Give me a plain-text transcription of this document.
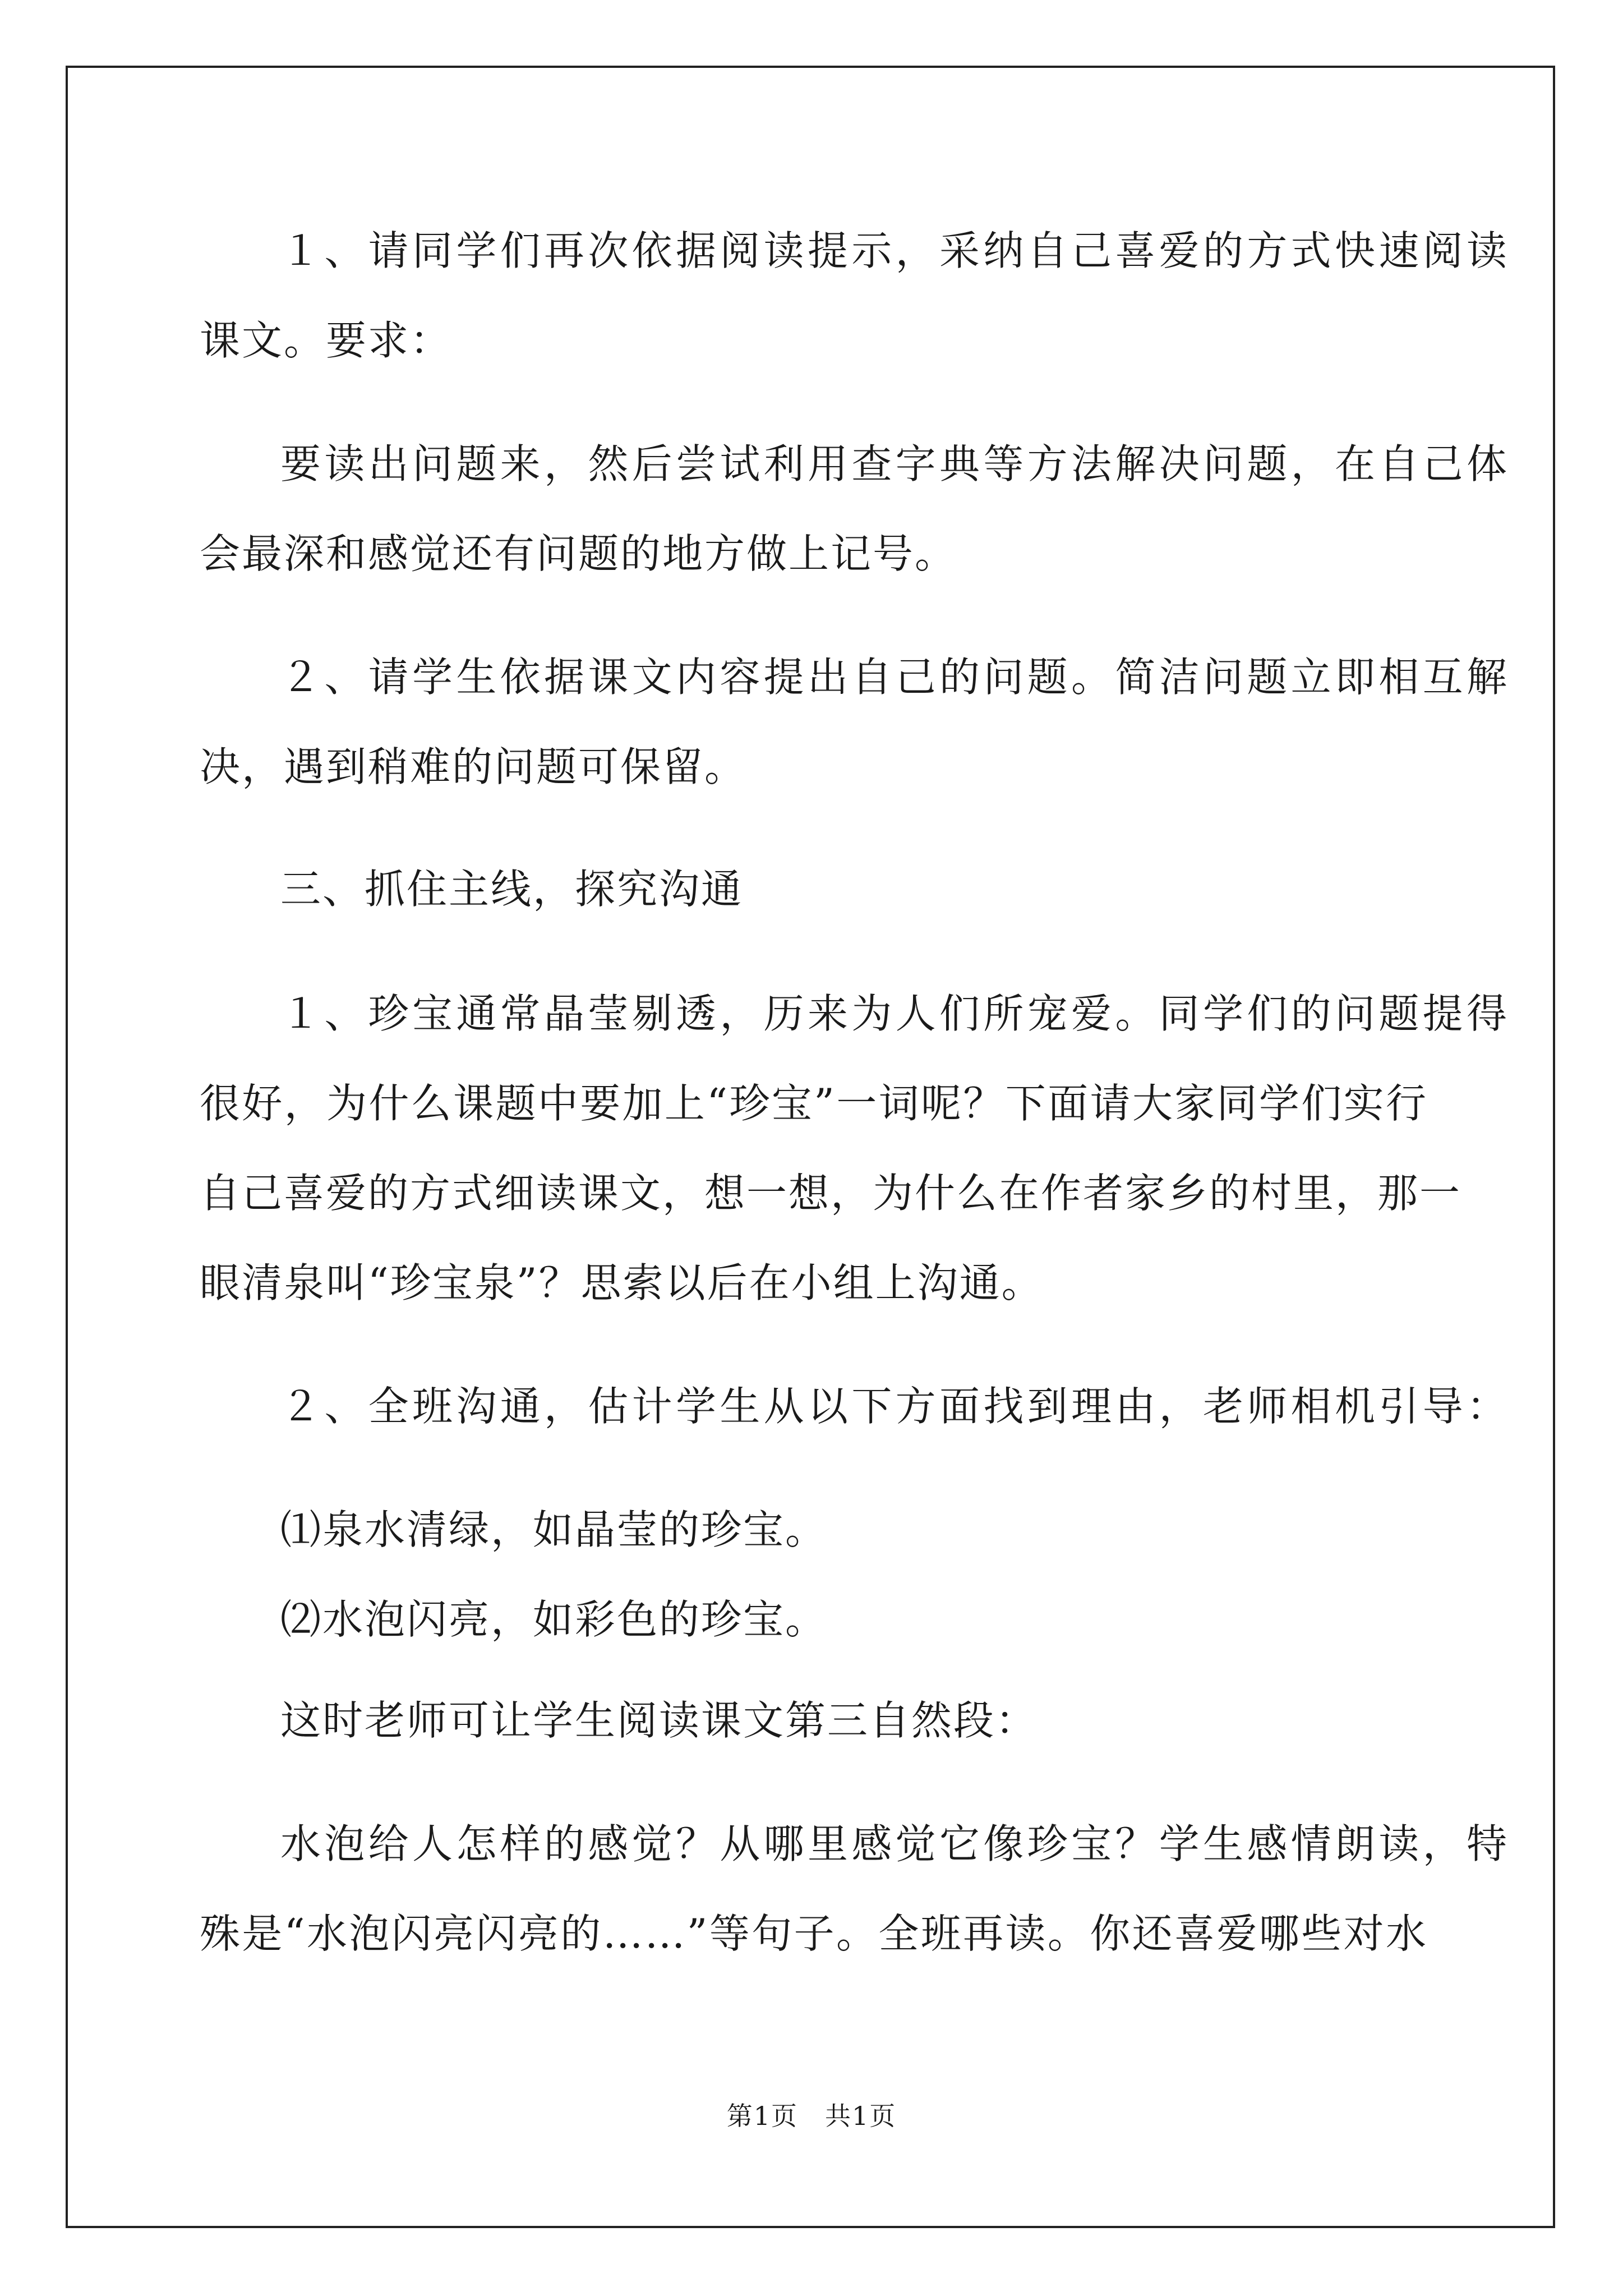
１、请同学们再次依据阅读提示，采纳自己喜爱的方式快速阅读
课文。要求：
要读出问题来，然后尝试利用查字典等方法解决问题，在自己体
会最深和感觉还有问题的地方做上记号。
２、请学生依据课文内容提出自己的问题。简洁问题立即相互解
决，遇到稍难的问题可保留。
三、抓住主线，探究沟通
１、珍宝通常晶莹剔透，历来为人们所宠爱。同学们的问题提得
很好，为什么课题中要加上“珍宝”一词呢？下面请大家同学们实行
自己喜爱的方式细读课文，想一想，为什么在作者家乡的村里，那一
眼清泉叫“珍宝泉”？思索以后在小组上沟通。
２、全班沟通，估计学生从以下方面找到理由，老师相机引导：
⑴泉水清绿，如晶莹的珍宝。
⑵水泡闪亮，如彩色的珍宝。
这时老师可让学生阅读课文第三自然段：
水泡给人怎样的感觉？从哪里感觉它像珍宝？学生感情朗读，特
殊是“水泡闪亮闪亮的……”等句子。全班再读。你还喜爱哪些对水
第1页　共1页
